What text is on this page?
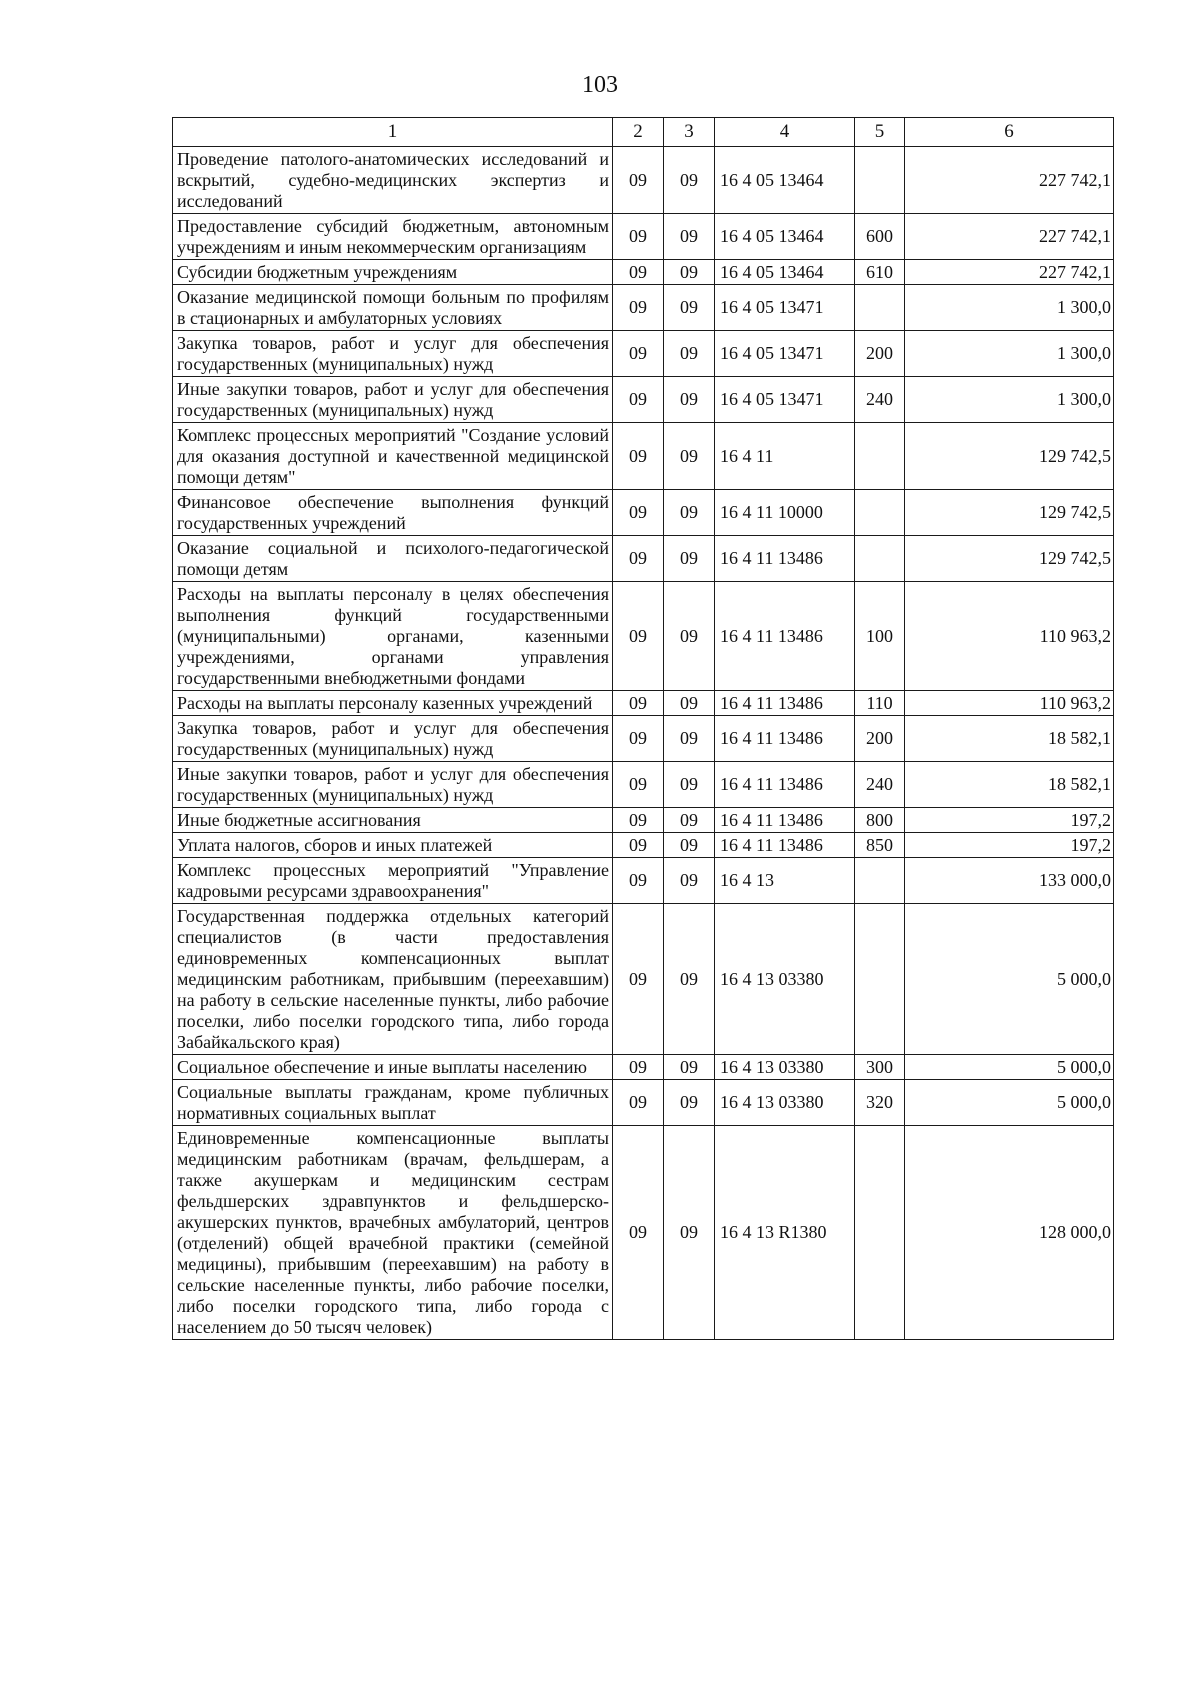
103
1	2	3	4	5	6
Проведение патолого-анатомических исследований и вскрытий, судебно-медицинских экспертиз и исследований	09	09	16 4 05 13464		227 742,1
Предоставление субсидий бюджетным, автономным учреждениям и иным некоммерческим организациям	09	09	16 4 05 13464	600	227 742,1
Субсидии бюджетным учреждениям	09	09	16 4 05 13464	610	227 742,1
Оказание медицинской помощи больным по профилям в стационарных и амбулаторных условиях	09	09	16 4 05 13471		1 300,0
Закупка товаров, работ и услуг для обеспечения государственных (муниципальных) нужд	09	09	16 4 05 13471	200	1 300,0
Иные закупки товаров, работ и услуг для обеспечения государственных (муниципальных) нужд	09	09	16 4 05 13471	240	1 300,0
Комплекс процессных мероприятий "Создание условий для оказания доступной и качественной медицинской помощи детям"	09	09	16 4 11		129 742,5
Финансовое обеспечение выполнения функций государственных учреждений	09	09	16 4 11 10000		129 742,5
Оказание социальной и психолого-педагогической помощи детям	09	09	16 4 11 13486		129 742,5
Расходы на выплаты персоналу в целях обеспечения выполнения функций государственными (муниципальными) органами, казенными учреждениями, органами управления государственными внебюджетными фондами	09	09	16 4 11 13486	100	110 963,2
Расходы на выплаты персоналу казенных учреждений	09	09	16 4 11 13486	110	110 963,2
Закупка товаров, работ и услуг для обеспечения государственных (муниципальных) нужд	09	09	16 4 11 13486	200	18 582,1
Иные закупки товаров, работ и услуг для обеспечения государственных (муниципальных) нужд	09	09	16 4 11 13486	240	18 582,1
Иные бюджетные ассигнования	09	09	16 4 11 13486	800	197,2
Уплата налогов, сборов и иных платежей	09	09	16 4 11 13486	850	197,2
Комплекс процессных мероприятий "Управление кадровыми ресурсами здравоохранения"	09	09	16 4 13		133 000,0
Государственная поддержка отдельных категорий специалистов (в части предоставления единовременных компенсационных выплат медицинским работникам, прибывшим (переехавшим) на работу в сельские населенные пункты, либо рабочие поселки, либо поселки городского типа, либо города Забайкальского края)	09	09	16 4 13 03380		5 000,0
Социальное обеспечение и иные выплаты населению	09	09	16 4 13 03380	300	5 000,0
Социальные выплаты гражданам, кроме публичных нормативных социальных выплат	09	09	16 4 13 03380	320	5 000,0
Единовременные компенсационные выплаты медицинским работникам (врачам, фельдшерам, а также акушеркам и медицинским сестрам фельдшерских здравпунктов и фельдшерско-акушерских пунктов, врачебных амбулаторий, центров (отделений) общей врачебной практики (семейной медицины), прибывшим (переехавшим) на работу в сельские населенные пункты, либо рабочие поселки, либо поселки городского типа, либо города с населением до 50 тысяч человек)	09	09	16 4 13 R1380		128 000,0
